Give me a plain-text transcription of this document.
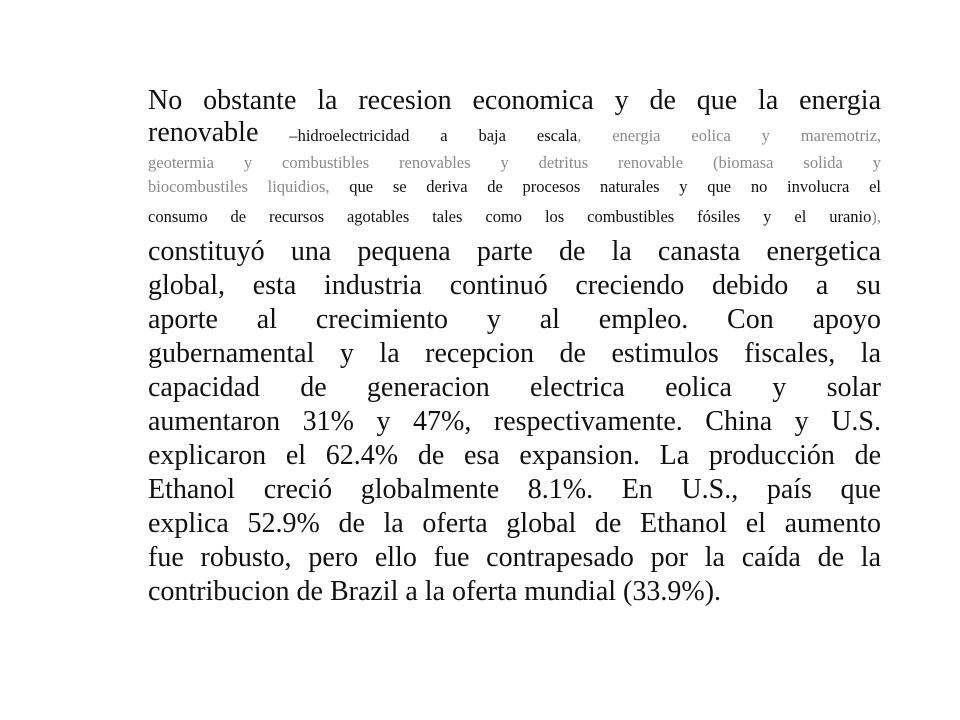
No obstante la recesion economica y de que la energia
renovable –hidroelectricidad a baja escala, energia eolica y maremotriz,
geotermia y combustibles renovables y detritus renovable (biomasa solida y
biocombustiles liquidios, que se deriva de procesos naturales y que no involucra el
consumo de recursos agotables tales como los combustibles fósiles y el uranio),
constituyó una pequena parte de la canasta energetica
global, esta industria continuó creciendo debido a su
aporte al crecimiento y al empleo. Con apoyo
gubernamental y la recepcion de estimulos fiscales, la
capacidad de generacion electrica eolica y solar
aumentaron 31% y 47%, respectivamente. China y U.S.
explicaron el 62.4% de esa expansion. La producción de
Ethanol creció globalmente 8.1%. En U.S., país que
explica 52.9% de la oferta global de Ethanol el aumento
fue robusto, pero ello fue contrapesado por la caída de la
contribucion de Brazil a la oferta mundial (33.9%).
